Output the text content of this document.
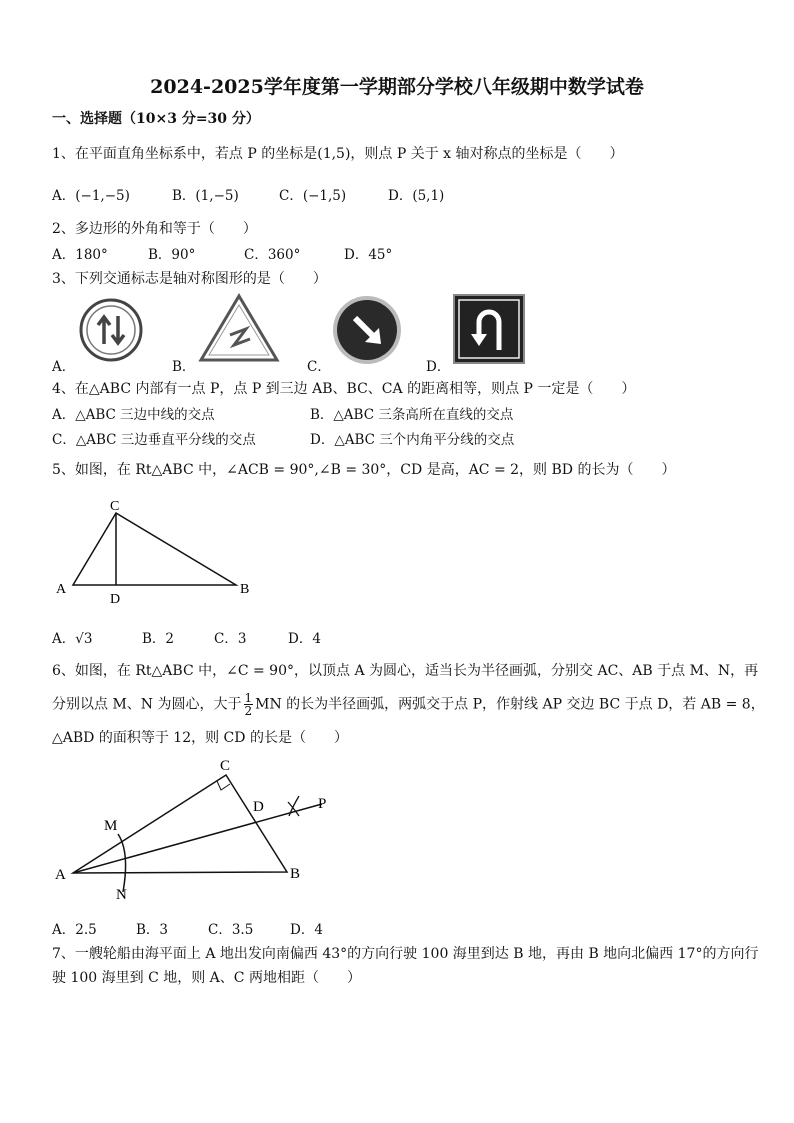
2024-2025学年度第一学期部分学校八年级期中数学试卷
一、选择题（10×3 分=30 分）
1、在平面直角坐标系中，若点 P 的坐标是(1,5)，则点 P 关于 x 轴对称点的坐标是（　　）
A．(−1,−5)	B．(1,−5)	C．(−1,5)	D．(5,1)
2、多边形的外角和等于（　　）
A．180°	B．90°	C．360°	D．45°
3、下列交通标志是轴对称图形的是（　　）
A．	B．	C．	D．
4、在△ABC 内部有一点 P，点 P 到三边 AB、BC、CA 的距离相等，则点 P 一定是（　　）
A．△ABC 三边中线的交点	B．△ABC 三条高所在直线的交点
C．△ABC 三边垂直平分线的交点	D．△ABC 三个内角平分线的交点
5、如图，在 Rt△ABC 中，∠ACB = 90°,∠B = 30°，CD 是高，AC = 2，则 BD 的长为（　　）
C
A	B
D
A．√3	B．2	C．3	D．4
6、如图，在 Rt△ABC 中，∠C = 90°，以顶点 A 为圆心，适当长为半径画弧，分别交 AC、AB 于点 M、N，再
分别以点 M、N 为圆心，大于 $\frac{1}{2}$ MN 的长为半径画弧，两弧交于点 P，作射线 AP 交边 BC 于点 D，若 AB = 8，
△ABD 的面积等于 12，则 CD 的长是（　　）
C
D	P
M
A
N
B
A．2.5	B．3	C．3.5	D．4
7、一艘轮船由海平面上 A 地出发向南偏西 43°的方向行驶 100 海里到达 B 地，再由 B 地向北偏西 17°的方向行
驶 100 海里到 C 地，则 A、C 两地相距（　　）
